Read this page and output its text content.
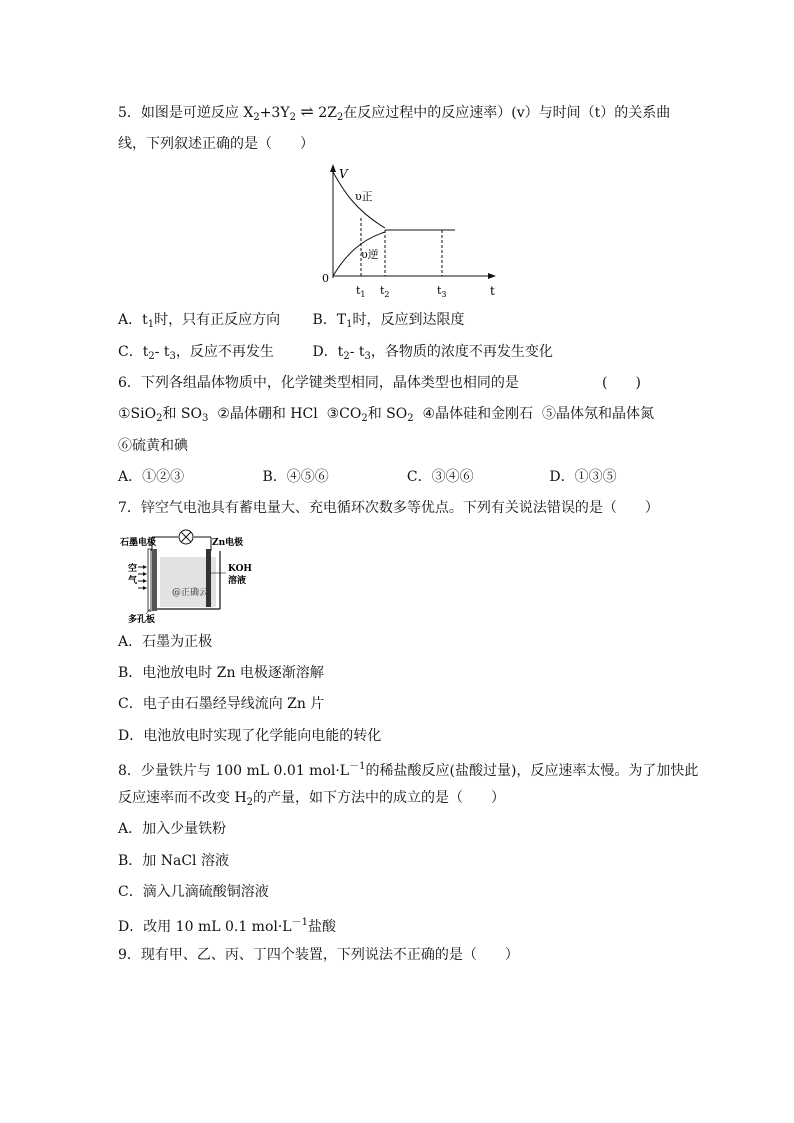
5．如图是可逆反应 $X_2+3Y_2$ ⇌ $2Z_2$在反应过程中的反应速率）(v）与时间（t）的关系曲
线，下列叙述正确的是（　　）
V
υ正
υ逆
0
t
$t_1$ $t_2$	$t_3$
A．$t_1$时，只有正反应方向 B．$T_1$时，反应到达限度
C．$t_2-$ $t_3$，反应不再发生	D．$t_2-$ $t_3$，各物质的浓度不再发生变化
6．下列各组晶体物质中，化学键类型相同，晶体类型也相同的是	(　　)
①SiO$_2$和 $SO_3$ ②晶体硼和 HCl $③CO_2$和 $SO_2$ ④晶体硅和金刚石 ⑤晶体氖和晶体氮
⑥硫黄和碘
A．①②③	B．④⑤⑥	C．③④⑥	D．①③⑤
7．锌空气电池具有蓄电量大、充电循环次数多等优点。下列有关说法错误的是（　　）
石墨电极	Zn电极
空
气
KOH
溶液
@正确云
多孔板
A．石墨为正极
B．电池放电时 Zn 电极逐渐溶解
C．电子由石墨经导线流向 Zn 片
D．电池放电时实现了化学能向电能的转化
8．少量铁片与 100 mL 0.01 $mol\cdot L^{-1}$的稀盐酸反应(盐酸过量)，反应速率太慢。为了加快此
反应速率而不改变 $H_2$的产量，如下方法中的成立的是（　　）
A．加入少量铁粉
B．加 NaCl 溶液
C．滴入几滴硫酸铜溶液
D．改用 10 mL 0.1 $mol\cdot L^{-1}$盐酸
9．现有甲、乙、丙、丁四个装置，下列说法不正确的是（　　）
